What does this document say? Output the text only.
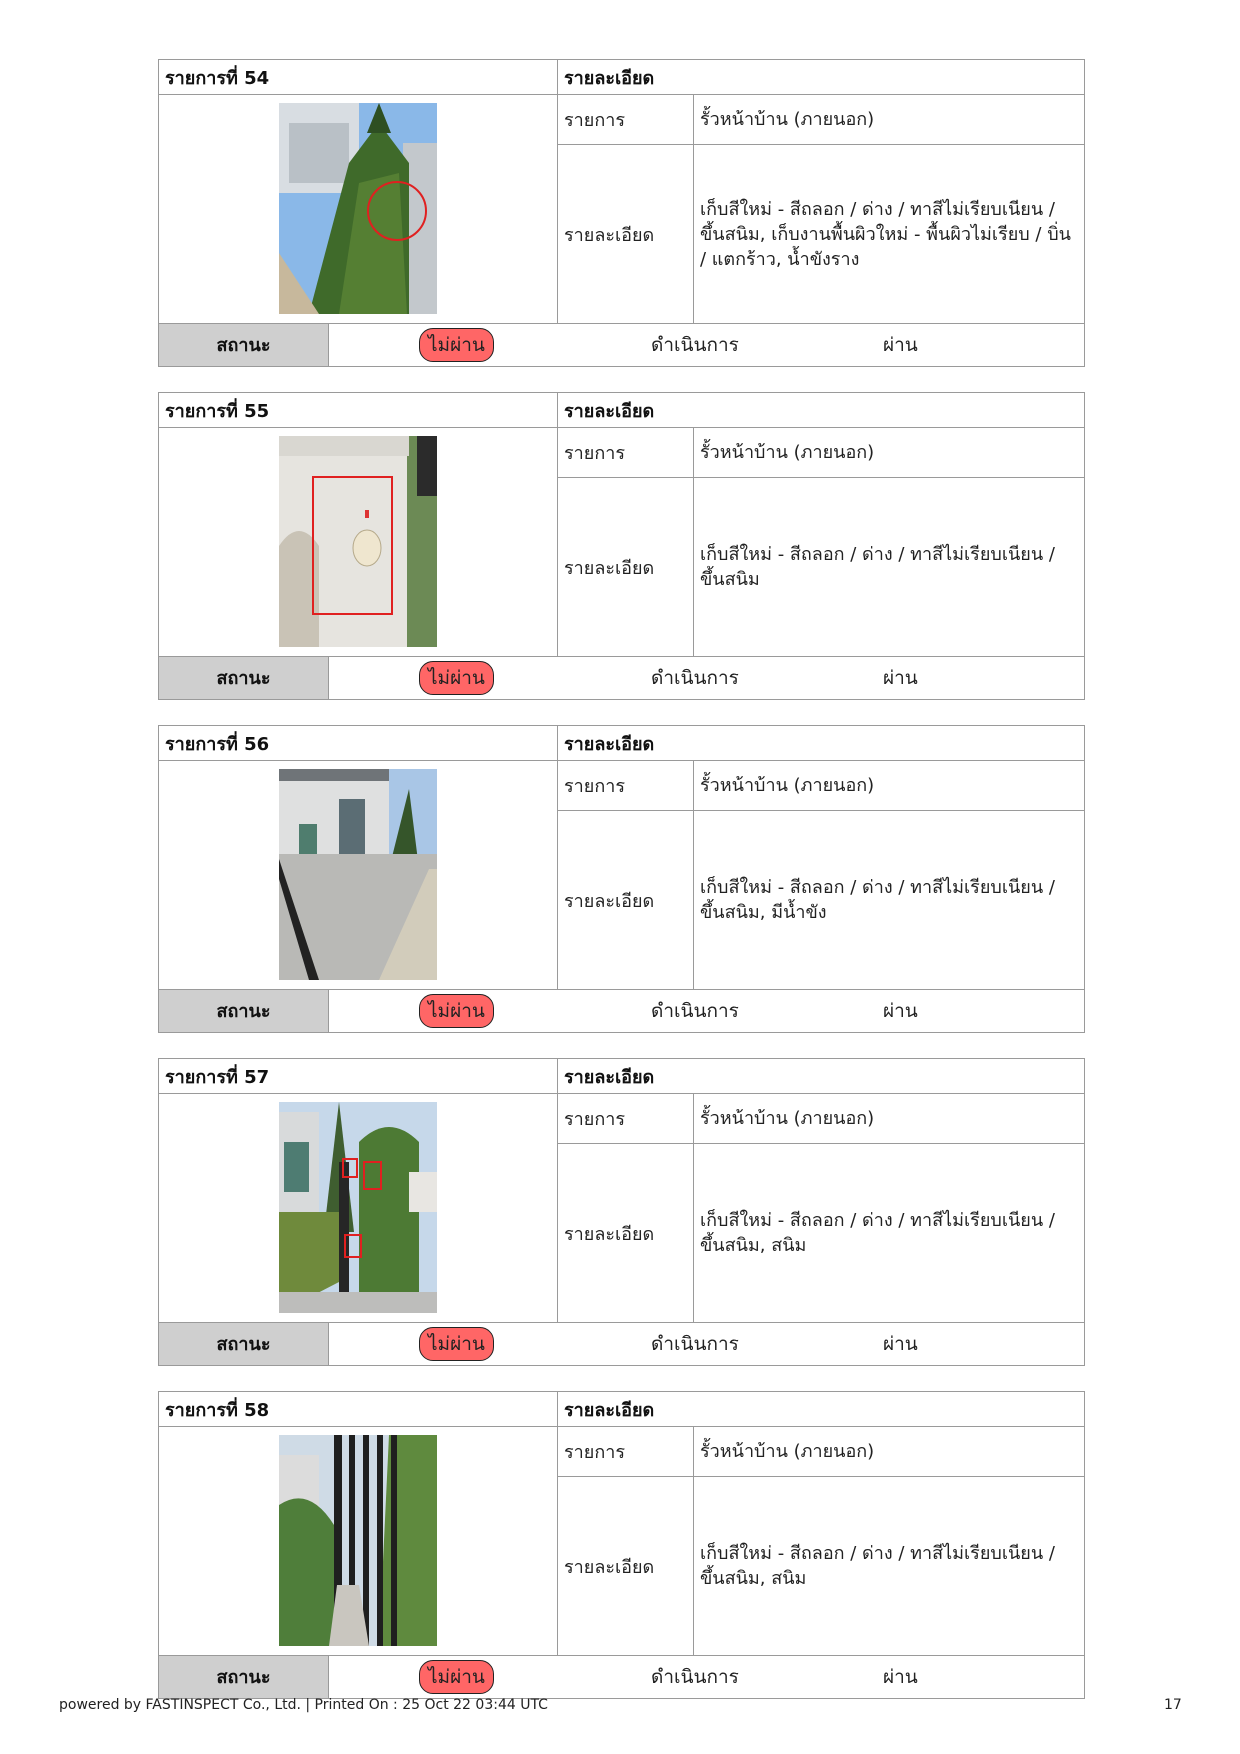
รายการที่ 54		รายละเอียด	

	รายการ	รั้วหน้าบ้าน (ภายนอก)
		รายละเอียด	เก็บสีใหม่ - สีถลอก / ด่าง / ทาสีไม่เรียบเนียน / ขึ้นสนิม, เก็บงานพื้นผิวใหม่ - พื้นผิวไม่เรียบ / บิ่น / แตกร้าว, น้ำขังราง
สถานะ	ไม่ผ่าน ดำเนินการ ผ่าน		
รายการที่ 55		รายละเอียด	

	รายการ	รั้วหน้าบ้าน (ภายนอก)
		รายละเอียด	เก็บสีใหม่ - สีถลอก / ด่าง / ทาสีไม่เรียบเนียน / ขึ้นสนิม
สถานะ	ไม่ผ่าน ดำเนินการ ผ่าน		
รายการที่ 56		รายละเอียด	
	รายการ	รั้วหน้าบ้าน (ภายนอก)
		รายละเอียด	เก็บสีใหม่ - สีถลอก / ด่าง / ทาสีไม่เรียบเนียน / ขึ้นสนิม, มีน้ำขัง
สถานะ	ไม่ผ่าน ดำเนินการ ผ่าน		
รายการที่ 57		รายละเอียด	

	รายการ	รั้วหน้าบ้าน (ภายนอก)
		รายละเอียด	เก็บสีใหม่ - สีถลอก / ด่าง / ทาสีไม่เรียบเนียน / ขึ้นสนิม, สนิม
สถานะ	ไม่ผ่าน ดำเนินการ ผ่าน		
รายการที่ 58		รายละเอียด	
	รายการ	รั้วหน้าบ้าน (ภายนอก)
		รายละเอียด	เก็บสีใหม่ - สีถลอก / ด่าง / ทาสีไม่เรียบเนียน / ขึ้นสนิม, สนิม
สถานะ	ไม่ผ่าน ดำเนินการ ผ่าน		
powered by FASTINSPECT Co., Ltd. | Printed On : 25 Oct 22 03:44 UTC	17
